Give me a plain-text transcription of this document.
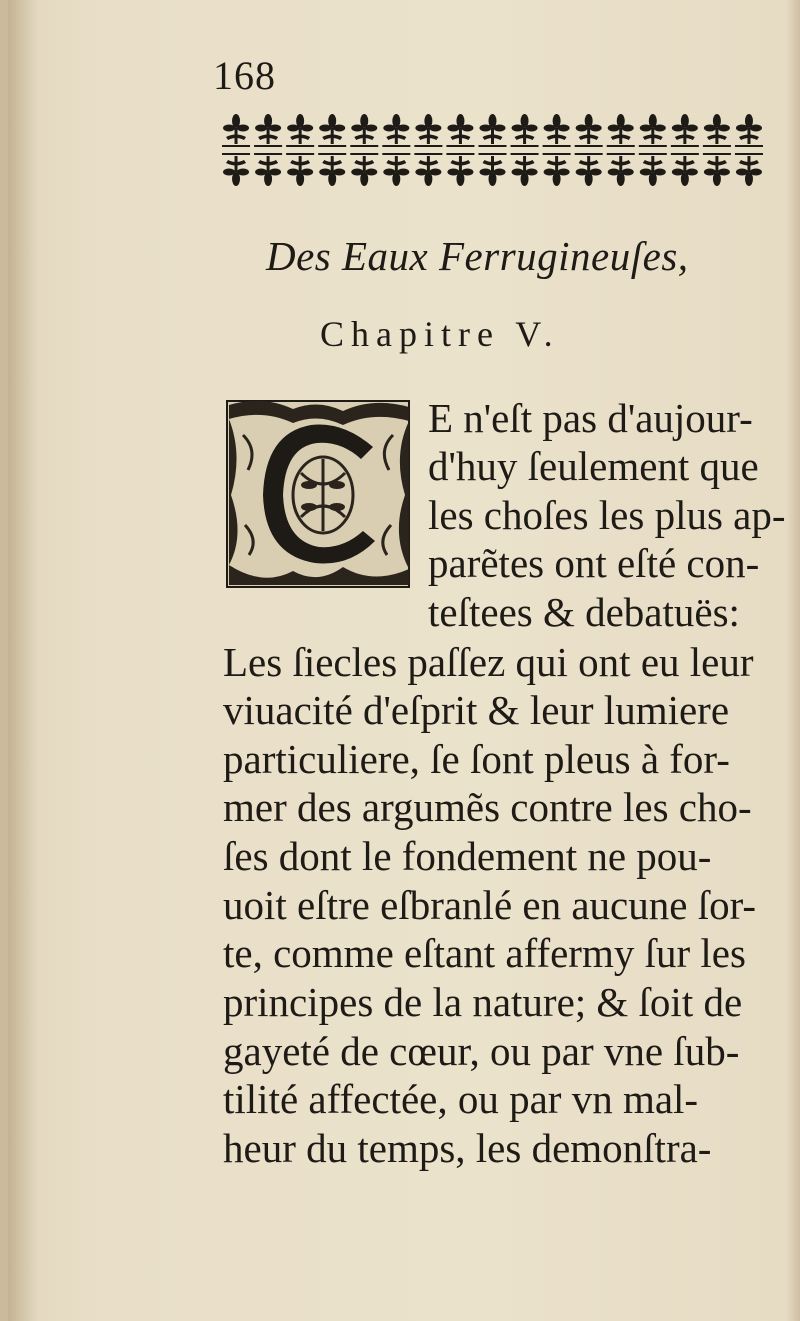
168
Des Eaux Ferrugineuſes,
Chapitre V.
E n'eſt pas d'aujour-
d'huy ſeulement que
les choſes les plus ap-
parẽtes ont eſté con-
teſtees & debatuës:
Les ſiecles paſſez qui ont eu leur
viuacité d'eſprit & leur lumiere
particuliere, ſe ſont pleus à for-
mer des argumẽs contre les cho-
ſes dont le fondement ne pou-
uoit eſtre eſbranlé en aucune ſor-
te, comme eſtant affermy ſur les
principes de la nature; & ſoit de
gayeté de cœur, ou par vne ſub-
tilité affectée, ou par vn mal-
heur du temps, les demonſtra-
